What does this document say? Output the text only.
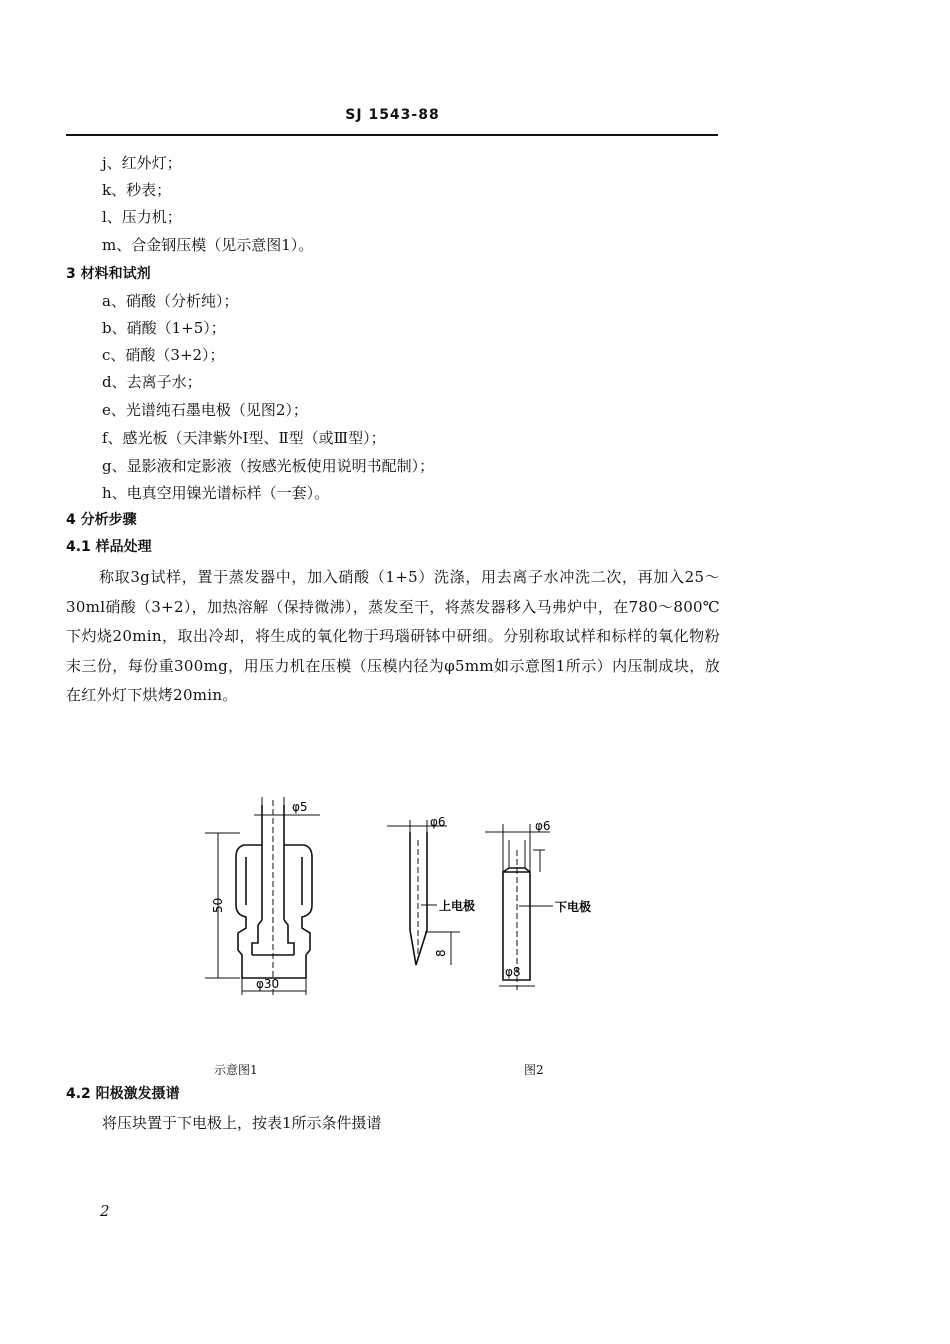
SJ 1543-88
j、红外灯；
k、秒表；
l、压力机；
m、合金钢压模（见示意图1）。
3 材料和试剂
a、硝酸（分析纯）；
b、硝酸（1+5）；
c、硝酸（3+2）；
d、去离子水；
e、光谱纯石墨电极（见图2）；
f、感光板（天津紫外Ⅰ型、Ⅱ型（或Ⅲ型）；
g、显影液和定影液（按感光板使用说明书配制）；
h、电真空用镍光谱标样（一套）。
4 分析步骤
4.1 样品处理
称取3g试样，置于蒸发器中，加入硝酸（1+5）洗涤，用去离子水冲洗二次，再加入25～30ml硝酸（3+2），加热溶解（保持微沸），蒸发至干，将蒸发器移入马弗炉中，在780～800℃下灼烧20min，取出冷却，将生成的氧化物于玛瑙研钵中研细。分别称取试样和标样的氧化物粉末三份，每份重300mg，用压力机在压模（压模内径为φ5mm如示意图1所示）内压制成块，放在红外灯下烘烤20min。
φ5
50
φ30
φ6
上电极
8
φ6
下电极
φ8
示意图1	图2
4.2 阳极激发摄谱
将压块置于下电极上，按表1所示条件摄谱
2
